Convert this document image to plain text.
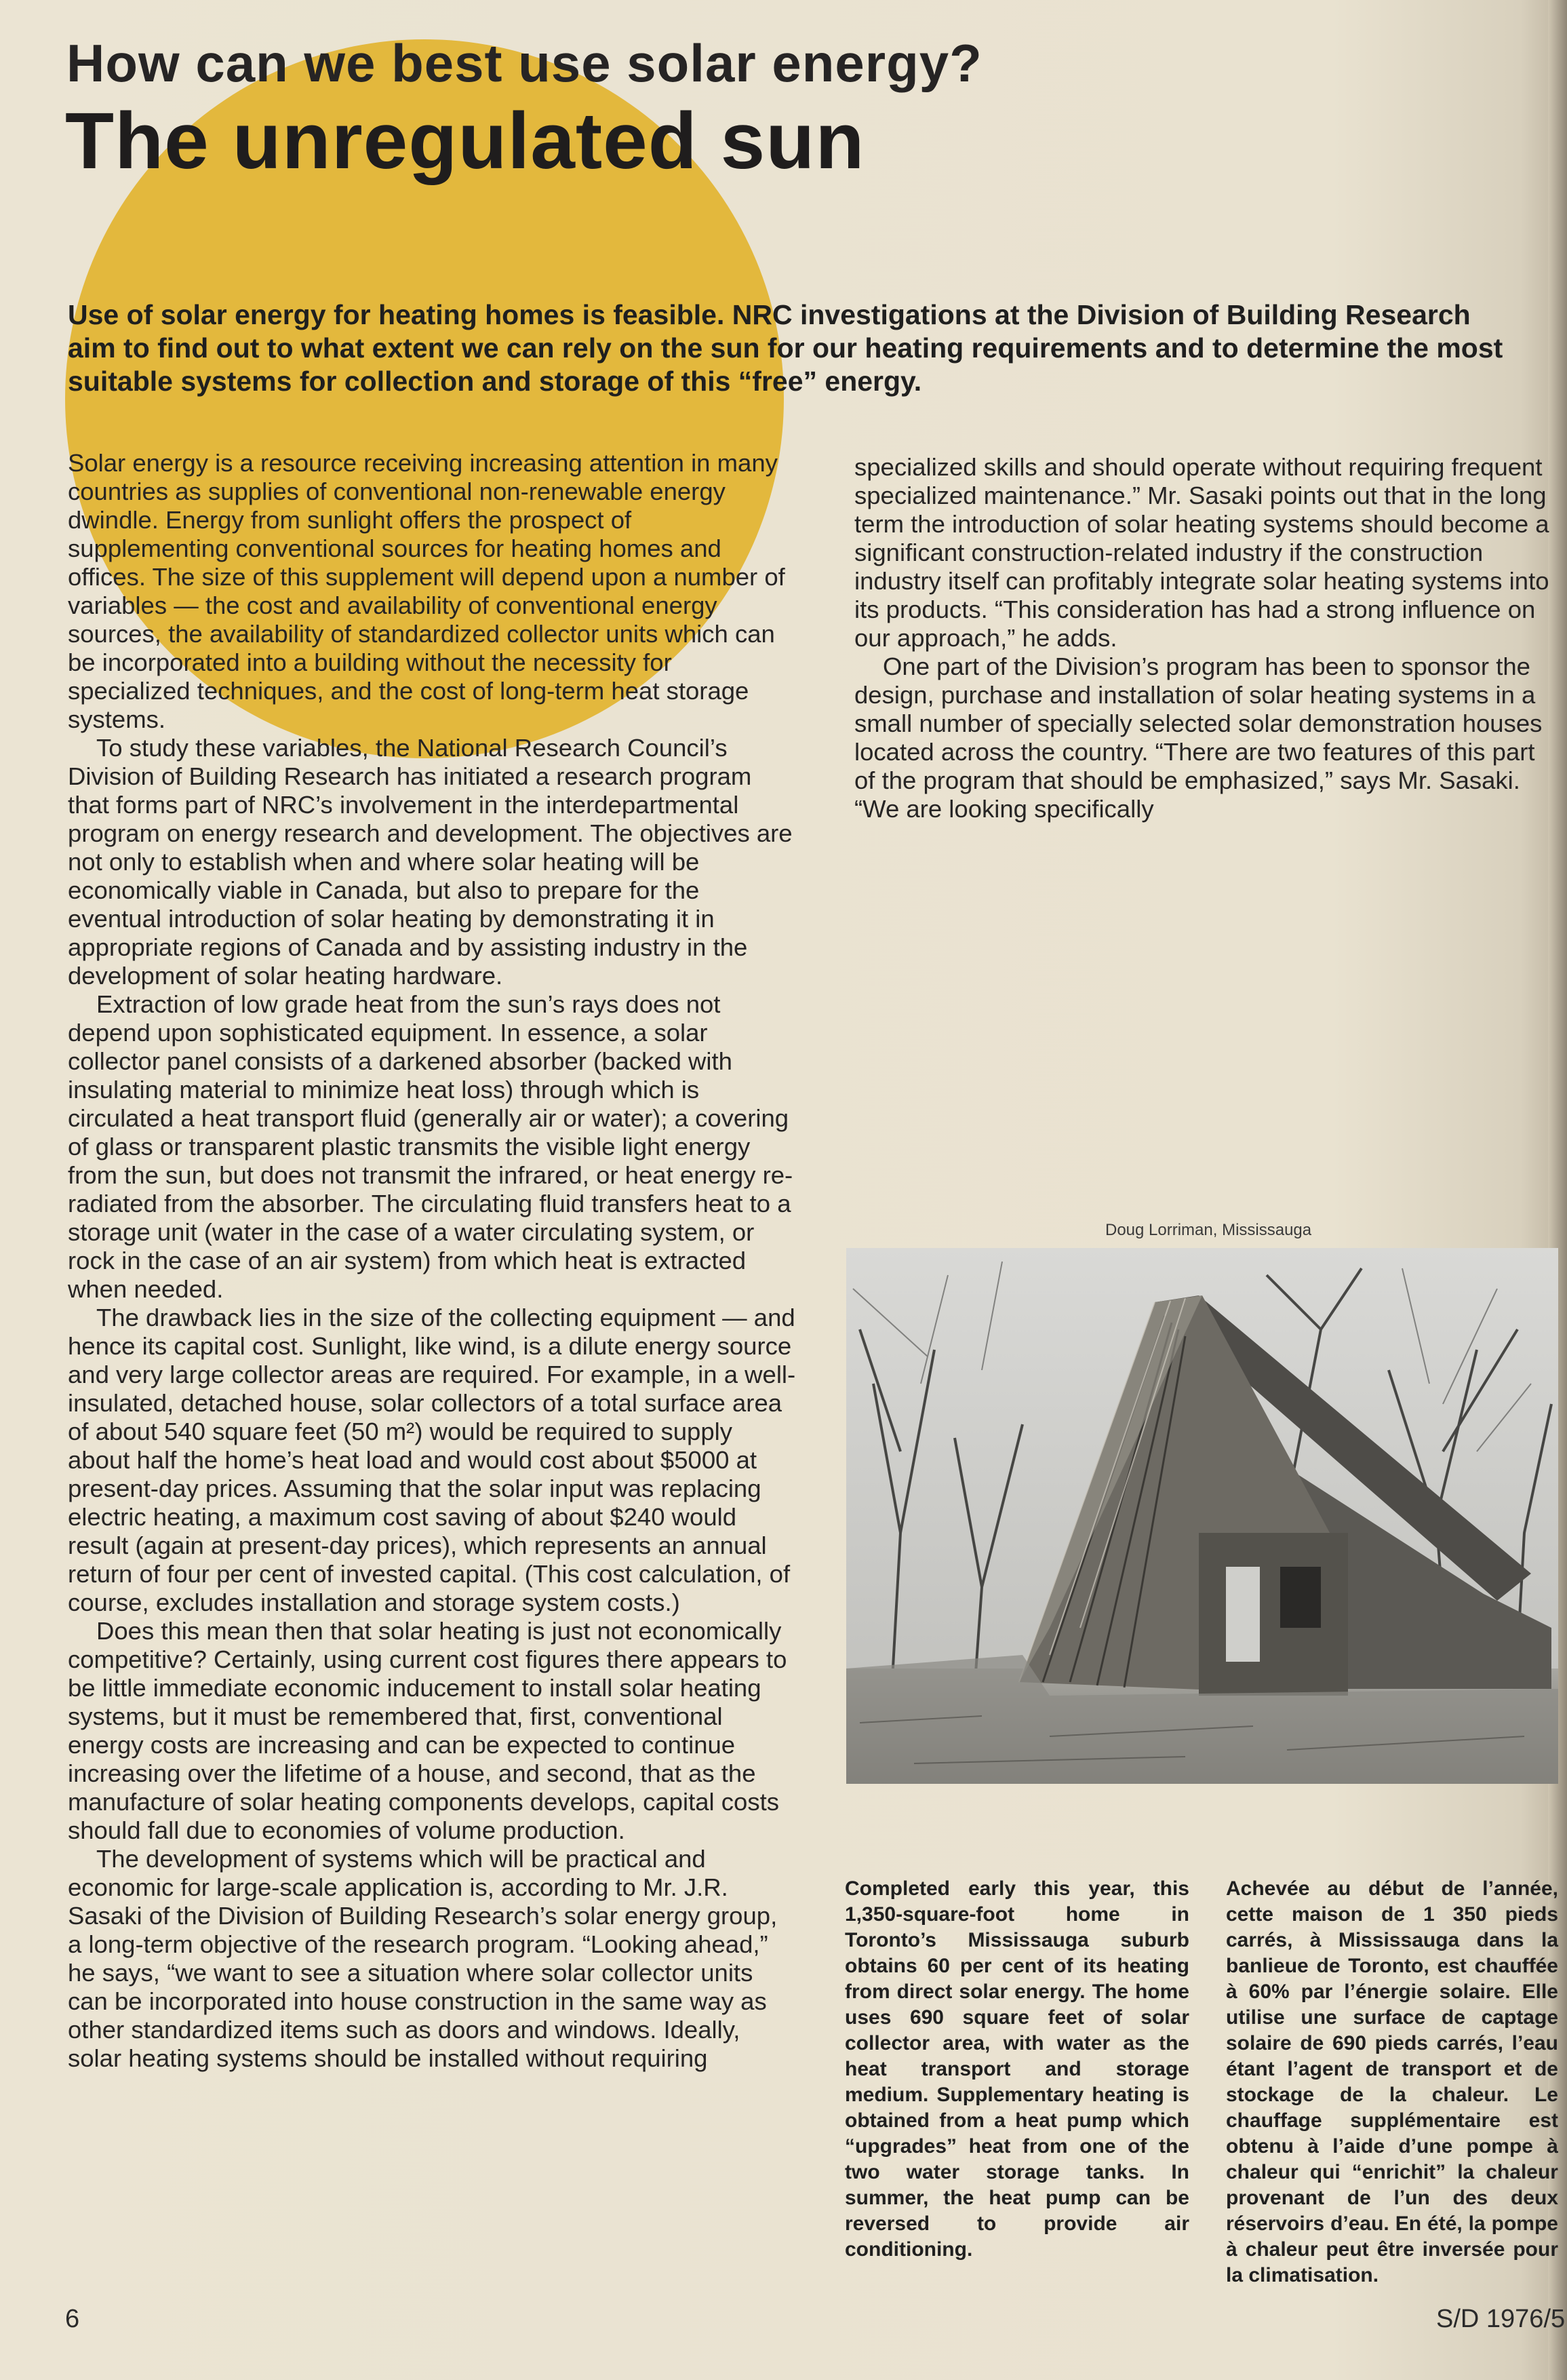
How can we best use solar energy?
The unregulated sun
Use of solar energy for heating homes is feasible. NRC investigations at the Division of Building Research aim to find out to what extent we can rely on the sun for our heating requirements and to determine the most suitable systems for collection and storage of this “free” energy.

Solar energy is a resource receiving increasing attention in many countries as supplies of conventional non-renewable energy dwindle. Energy from sunlight offers the prospect of supplementing conventional sources for heating homes and offices. The size of this supplement will depend upon a number of variables — the cost and availability of conventional energy sources, the availability of standardized collector units which can be incorporated into a building without the necessity for specialized techniques, and the cost of long-term heat storage systems.

To study these variables, the National Research Council’s Division of Building Research has initiated a research program that forms part of NRC’s involvement in the interdepartmental program on energy research and development. The objectives are not only to establish when and where solar heating will be economically viable in Canada, but also to prepare for the eventual introduction of solar heating by demonstrating it in appropriate regions of Canada and by assisting industry in the development of solar heating hardware.

Extraction of low grade heat from the sun’s rays does not depend upon sophisticated equipment. In essence, a solar collector panel consists of a darkened absorber (backed with insulating material to minimize heat loss) through which is circulated a heat transport fluid (generally air or water); a covering of glass or transparent plastic transmits the visible light energy from the sun, but does not transmit the infrared, or heat energy re-radiated from the absorber. The circulating fluid transfers heat to a storage unit (water in the case of a water circulating system, or rock in the case of an air system) from which heat is extracted when needed.

The drawback lies in the size of the collecting equipment — and hence its capital cost. Sunlight, like wind, is a dilute energy source and very large collector areas are required. For example, in a well-insulated, detached house, solar collectors of a total surface area of about 540 square feet (50 m²) would be required to supply about half the home’s heat load and would cost about $5000 at present-day prices. Assuming that the solar input was replacing electric heating, a maximum cost saving of about $240 would result (again at present-day prices), which represents an annual return of four per cent of invested capital. (This cost calculation, of course, excludes installation and storage system costs.)

Does this mean then that solar heating is just not economically competitive? Certainly, using current cost figures there appears to be little immediate economic inducement to install solar heating systems, but it must be remembered that, first, conventional energy costs are increasing and can be expected to continue increasing over the lifetime of a house, and second, that as the manufacture of solar heating components develops, capital costs should fall due to economies of volume production.

The development of systems which will be practical and economic for large-scale application is, according to Mr. J.R. Sasaki of the Division of Building Research’s solar energy group, a long-term objective of the research program. “Looking ahead,” he says, “we want to see a situation where solar collector units can be incorporated into house construction in the same way as other standardized items such as doors and windows. Ideally, solar heating systems should be installed without requiring

specialized skills and should operate without requiring frequent specialized maintenance.” Mr. Sasaki points out that in the long term the introduction of solar heating systems should become a significant construction-related industry if the construction industry itself can profitably integrate solar heating systems into its products. “This consideration has had a strong influence on our approach,” he adds.

One part of the Division’s program has been to sponsor the design, purchase and installation of solar heating systems in a small number of specially selected solar demonstration houses located across the country. “There are two features of this part of the program that should be emphasized,” says Mr. Sasaki. “We are looking specifically

Doug Lorriman, Mississauga
Completed early this year, this 1,350-square-foot home in Toronto’s Mississauga suburb obtains 60 per cent of its heating from direct solar energy. The home uses 690 square feet of solar collector area, with water as the heat transport and storage medium. Supplementary heating is obtained from a heat pump which “upgrades” heat from one of the two water storage tanks. In summer, the heat pump can be reversed to provide air conditioning.
Achevée au début de l’année, cette maison de 1 350 pieds carrés, à Mississauga dans la banlieue de Toronto, est chauffée à 60% par l’énergie solaire. Elle utilise une surface de captage solaire de 690 pieds carrés, l’eau étant l’agent de transport et de stockage de la chaleur. Le chauffage supplémentaire est obtenu à l’aide d’une pompe à chaleur qui “enrichit” la chaleur provenant de l’un des deux réservoirs d’eau. En été, la pompe à chaleur peut être inversée pour la climatisation.
6	S/D 1976/5
